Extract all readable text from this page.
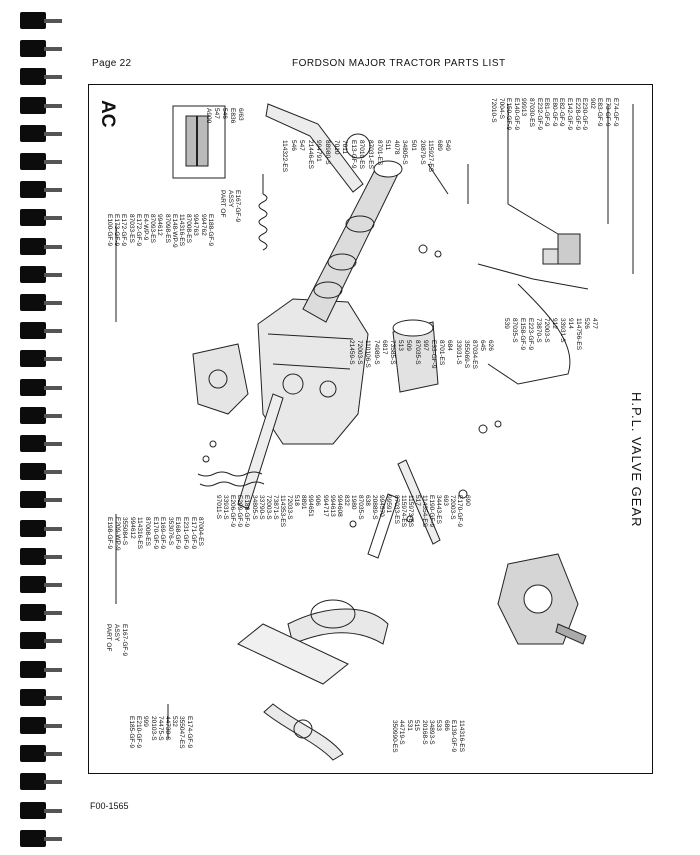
Page 22	FORDSON MAJOR TRACTOR PARTS LIST
AC
H.P.L. VALVE GEAR
E100-GF-9 E173-GF-9 E172-GF-9 87033-ES E172-GF-9 E4-WP-9 87093-ES 994612 87098-ES E148-WP-9 114316-ES 87008-ES 994763 994762 E188-GF-9
PART OF ASSY E167-GF-9
E198-GF-9 E209-WP-9 355084-S 994612 114316-ES 87008-ES E170-GF-9 E169-GF-9 353076-S E168-GF-9 E231-GF-9 E171-GF-9 87004-ES
PART OF ASSY E167-GF-9
E185-GF-9 E210-GF-9 999 20103-S 74475-S 44730-S 532 355047-ES E174-GF-9	350990-ES 44719-S 531 515 20168-S 34893-S 533 686 E139-GF-9 114316-ES
72010-S 7004-S E150-GF-9 E140-GF-9 99913 87030-ES E232-GF-9 E81-GF-9 E80-GF-9 E82-GF-9 E142-GF-9 E228-GF-9 E230-GF-9 902 E83-GF-9 E73-GF-9 E74-GF-9
A900 547 546 E836 6/63
114322-ES 546 547 21446-ES 994791 88980-S 7010 7011 E13-GF-9 87010-ES 87031-ES 8701-ES 511 4078 34805-S 501 20879-S 115927-ES 689 549
21459-S 72003-S 110106-S 74989-S 6817 73585-S 513 509 87035-S 997 E33-GF-9 8701-ES 684 33931-S 355069-S 87034-ES 645 626
97011-S 33931-S E206-GF-9 E209-GF-9 E186-GF-9 34805-S 33790-S 72003-S 73871-S 114353-ES 72033-S 518 8891 994651 906 994717 994613 994608 832 1980 87035-S 638 20889-S 994570 99591 87033-ES 115974-ES 115973-ES 517 114354-ES E190-GF-9 34443-ES 693 72003-S E170-GF-9 690
539 87035-S E158-GF-9 E223-GF-9 73870-S 72003-S 912 33931-S 914 114756-ES 526 477
F00-1565
